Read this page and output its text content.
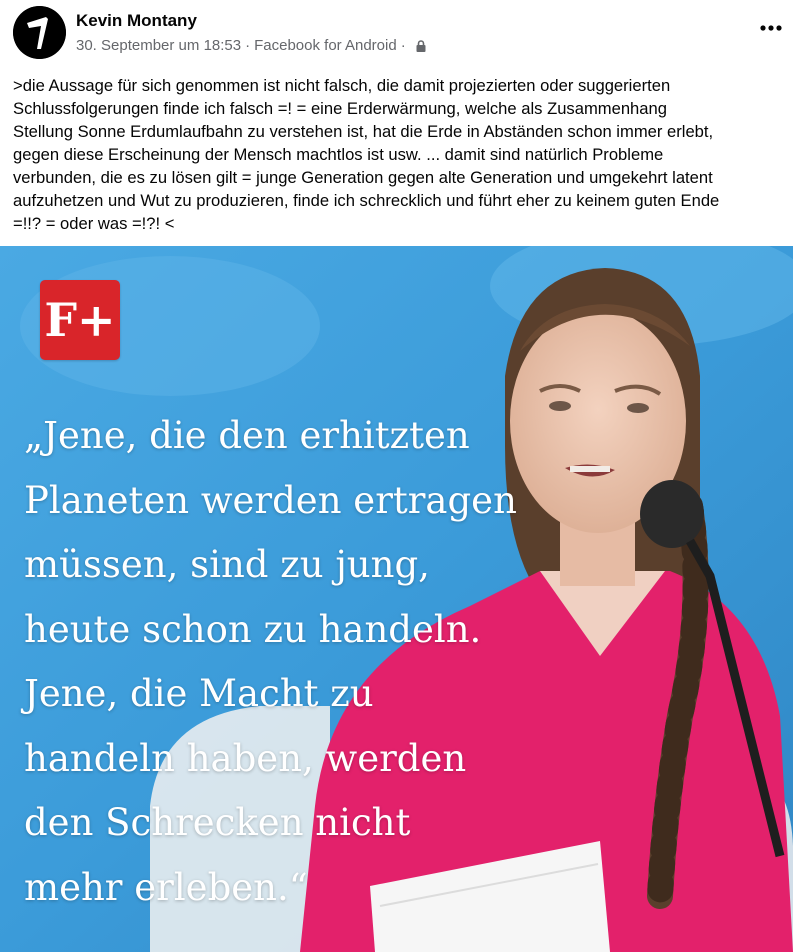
Kevin Montany
30. September um 18:53 · Facebook for Android ·
>die Aussage für sich genommen ist nicht falsch, die damit projezierten oder suggerierten
Schlussfolgerungen finde ich falsch =! = eine Erderwärmung, welche als Zusammenhang
Stellung Sonne Erdumlaufbahn zu verstehen ist, hat die Erde in Abständen schon immer erlebt,
gegen diese Erscheinung der Mensch machtlos ist usw. ... damit sind natürlich Probleme
verbunden, die es zu lösen gilt = junge Generation gegen alte Generation und umgekehrt latent
aufzuhetzen und Wut zu produzieren, finde ich schrecklich und führt eher zu keinem guten Ende
=!!? = oder was =!?! <
F+
„Jene, die den erhitzten
Planeten werden ertragen
müssen, sind zu jung,
heute schon zu handeln.
Jene, die Macht zu
handeln haben, werden
den Schrecken nicht
mehr erleben.“
